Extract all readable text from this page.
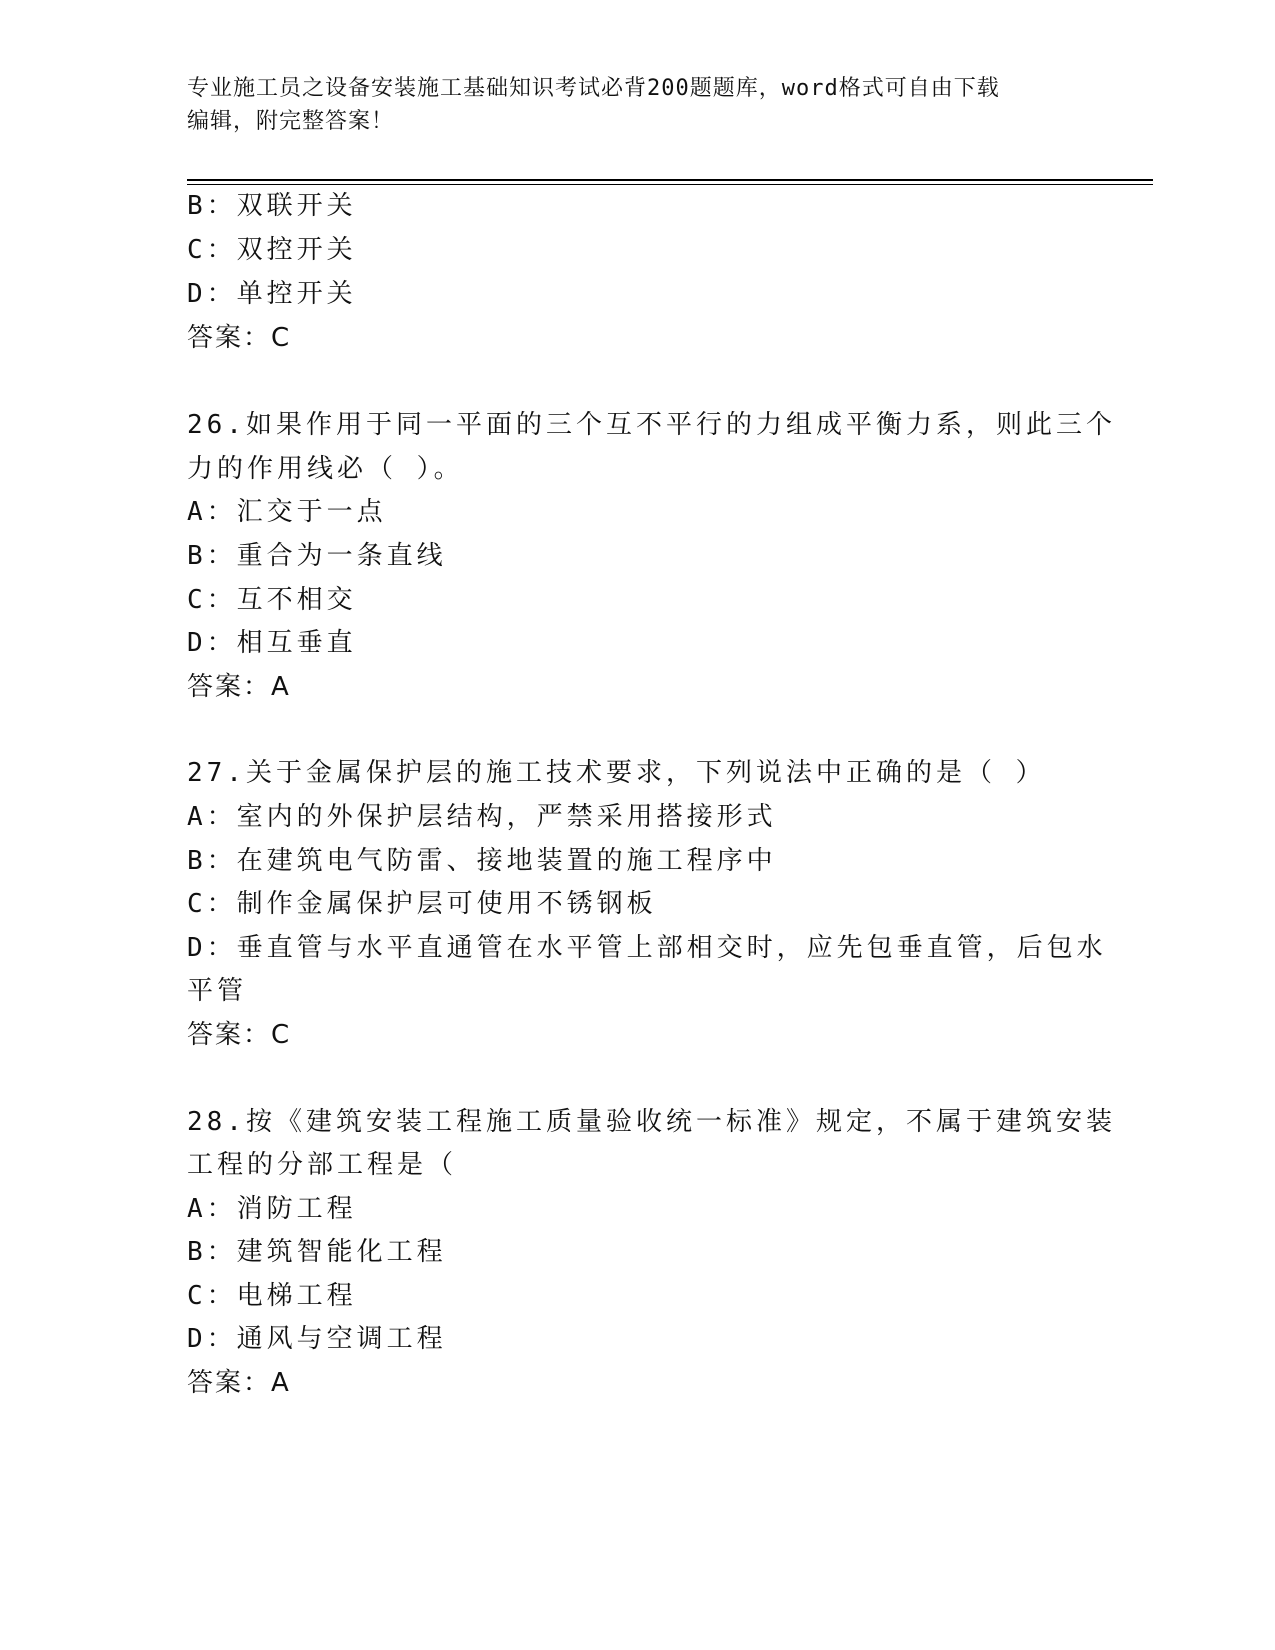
专业施工员之设备安装施工基础知识考试必背200题题库，word格式可自由下载
编辑，附完整答案！
B：双联开关
C：双控开关
D：单控开关
答案：C
26.如果作用于同一平面的三个互不平行的力组成平衡力系，则此三个
力的作用线必（ ）。
A：汇交于一点
B：重合为一条直线
C：互不相交
D：相互垂直
答案：A
27.关于金属保护层的施工技术要求，下列说法中正确的是（ ）
A：室内的外保护层结构，严禁采用搭接形式
B：在建筑电气防雷、接地装置的施工程序中
C：制作金属保护层可使用不锈钢板
D：垂直管与水平直通管在水平管上部相交时，应先包垂直管，后包水
平管
答案：C
28.按《建筑安装工程施工质量验收统一标准》规定，不属于建筑安装
工程的分部工程是（
A：消防工程
B：建筑智能化工程
C：电梯工程
D：通风与空调工程
答案：A
